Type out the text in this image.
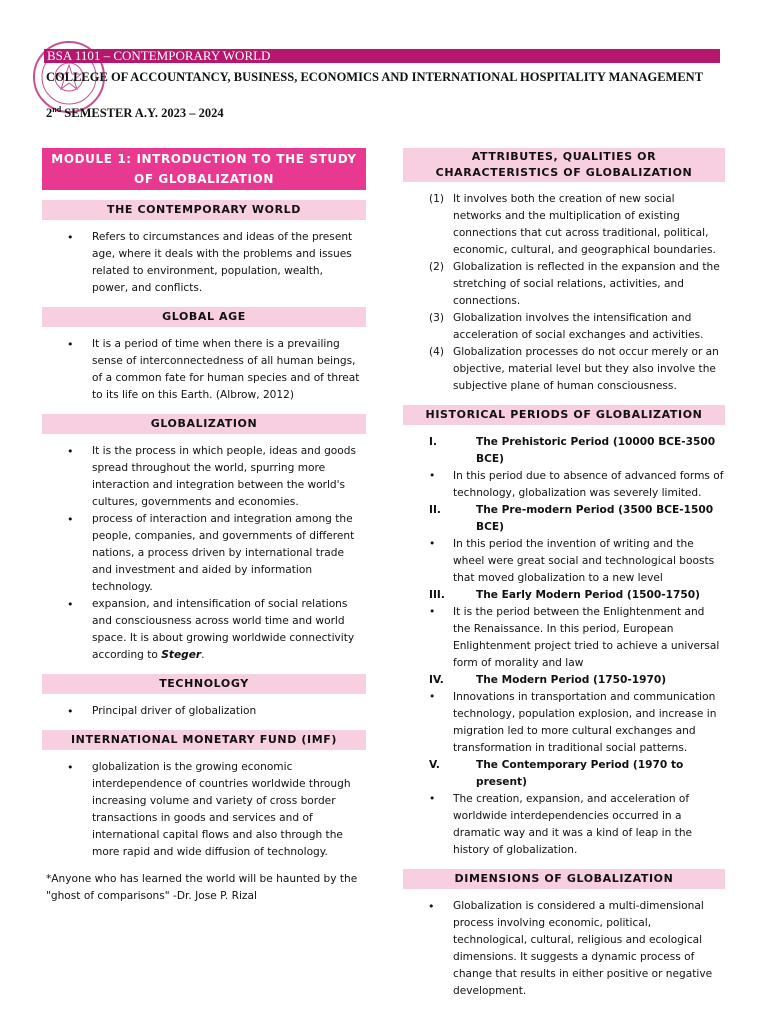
BSA 1101 – CONTEMPORARY WORLD
COLLEGE OF ACCOUNTANCY, BUSINESS, ECONOMICS AND INTERNATIONAL HOSPITALITY MANAGEMENT
2nd SEMESTER A.Y. 2023 – 2024
MODULE 1: INTRODUCTION TO THE STUDY OF GLOBALIZATION
THE CONTEMPORARY WORLD
• Refers to circumstances and ideas of the present age, where it deals with the problems and issues related to environment, population, wealth, power, and conflicts.
GLOBAL AGE
• It is a period of time when there is a prevailing sense of interconnectedness of all human beings, of a common fate for human species and of threat to its life on this Earth. (Albrow, 2012)
GLOBALIZATION
• It is the process in which people, ideas and goods spread throughout the world, spurring more interaction and integration between the world's cultures, governments and economies.
• process of interaction and integration among the people, companies, and governments of different nations, a process driven by international trade and investment and aided by information technology.
• expansion, and intensification of social relations and consciousness across world time and world space. It is about growing worldwide connectivity according to Steger.
TECHNOLOGY
• Principal driver of globalization
INTERNATIONAL MONETARY FUND (IMF)
• globalization is the growing economic interdependence of countries worldwide through increasing volume and variety of cross border transactions in goods and services and of international capital flows and also through the more rapid and wide diffusion of technology.
*Anyone who has learned the world will be haunted by the "ghost of comparisons" -Dr. Jose P. Rizal
ATTRIBUTES, QUALITIES OR CHARACTERISTICS OF GLOBALIZATION
(1) It involves both the creation of new social networks and the multiplication of existing connections that cut across traditional, political, economic, cultural, and geographical boundaries.
(2) Globalization is reflected in the expansion and the stretching of social relations, activities, and connections.
(3) Globalization involves the intensification and acceleration of social exchanges and activities.
(4) Globalization processes do not occur merely or an objective, material level but they also involve the subjective plane of human consciousness.
HISTORICAL PERIODS OF GLOBALIZATION
I.	The Prehistoric Period (10000 BCE-3500 BCE)
• In this period due to absence of advanced forms of technology, globalization was severely limited.
II.	The Pre-modern Period (3500 BCE-1500 BCE)
• In this period the invention of writing and the wheel were great social and technological boosts that moved globalization to a new level
III.	The Early Modern Period (1500-1750)
• It is the period between the Enlightenment and the Renaissance. In this period, European Enlightenment project tried to achieve a universal form of morality and law
IV.	The Modern Period (1750-1970)
• Innovations in transportation and communication technology, population explosion, and increase in migration led to more cultural exchanges and transformation in traditional social patterns.
V.	The Contemporary Period (1970 to present)
• The creation, expansion, and acceleration of worldwide interdependencies occurred in a dramatic way and it was a kind of leap in the history of globalization.
DIMENSIONS OF GLOBALIZATION
• Globalization is considered a multi-dimensional process involving economic, political, technological, cultural, religious and ecological dimensions. It suggests a dynamic process of change that results in either positive or negative development.
